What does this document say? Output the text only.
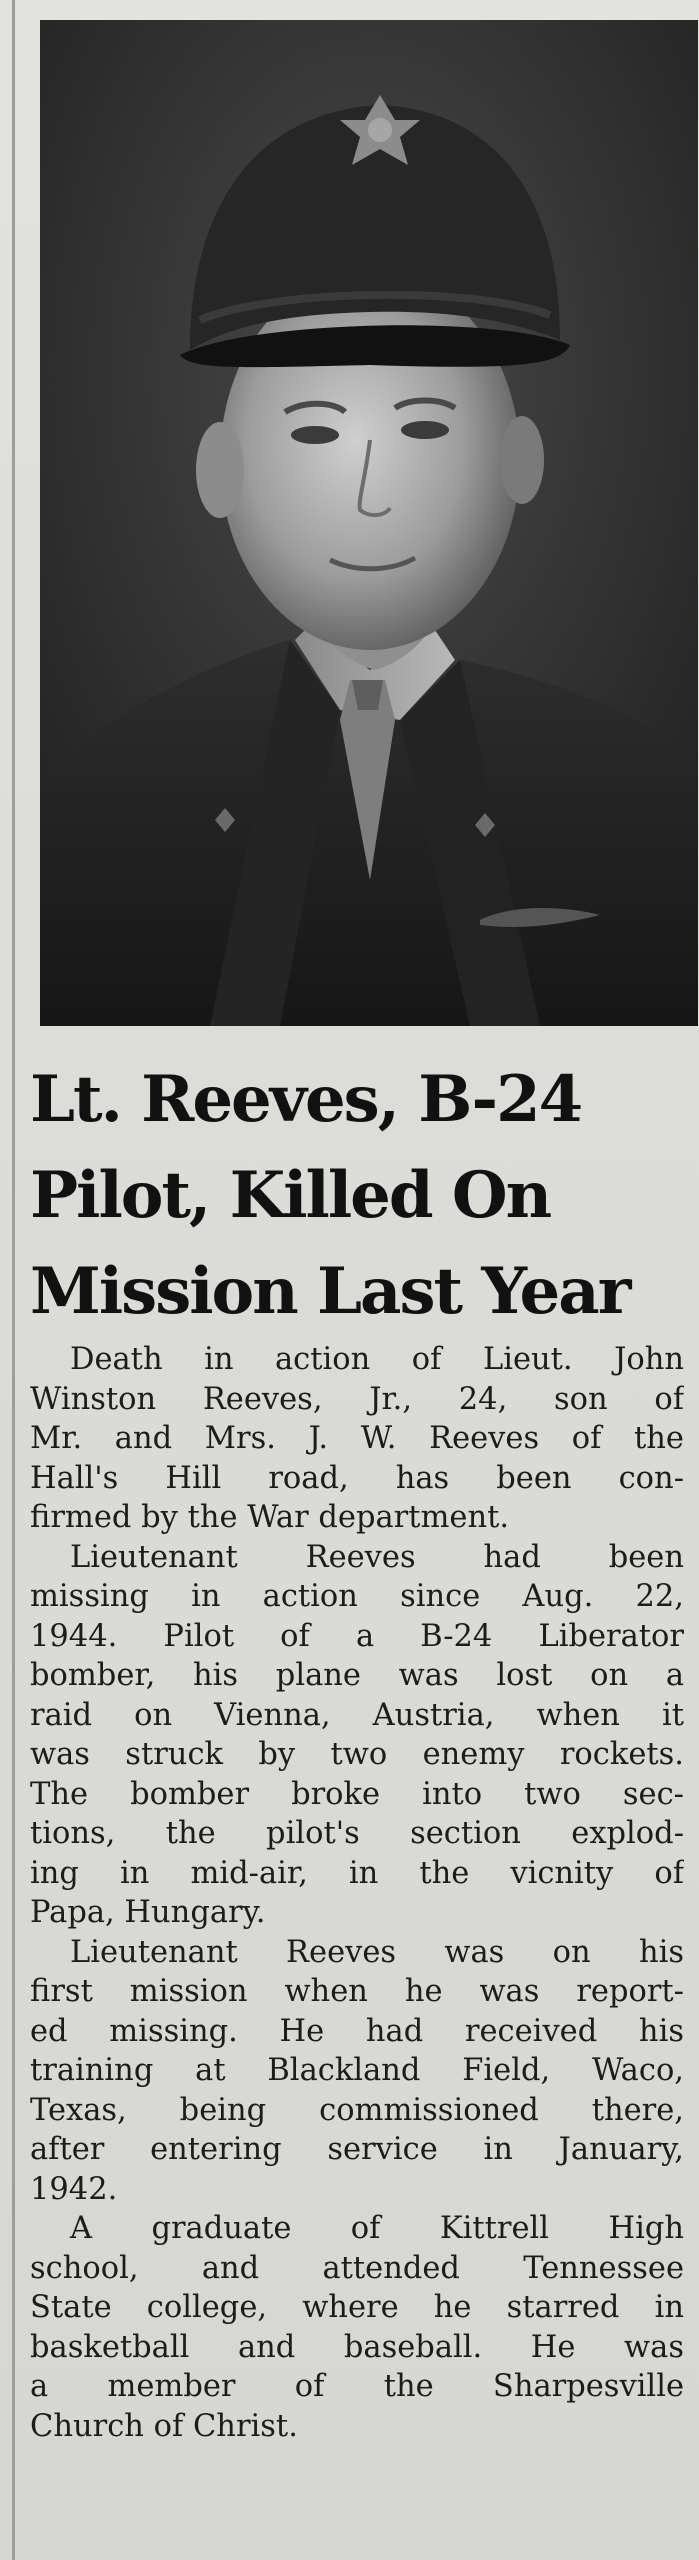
Lt. Reeves, B-24
Pilot, Killed On
Mission Last Year
Death in action of Lieut. John
Winston Reeves, Jr., 24, son of
Mr. and Mrs. J. W. Reeves of the
Hall's Hill road, has been con-
firmed by the War department.
Lieutenant Reeves had been
missing in action since Aug. 22,
1944. Pilot of a B-24 Liberator
bomber, his plane was lost on a
raid on Vienna, Austria, when it
was struck by two enemy rockets.
The bomber broke into two sec-
tions, the pilot's section explod-
ing in mid-air, in the vicnity of
Papa, Hungary.
Lieutenant Reeves was on his
first mission when he was report-
ed missing. He had received his
training at Blackland Field, Waco,
Texas, being commissioned there,
after entering service in January,
1942.
A graduate of Kittrell High
school, and attended Tennessee
State college, where he starred in
basketball and baseball. He was
a member of the Sharpesville
Church of Christ.
